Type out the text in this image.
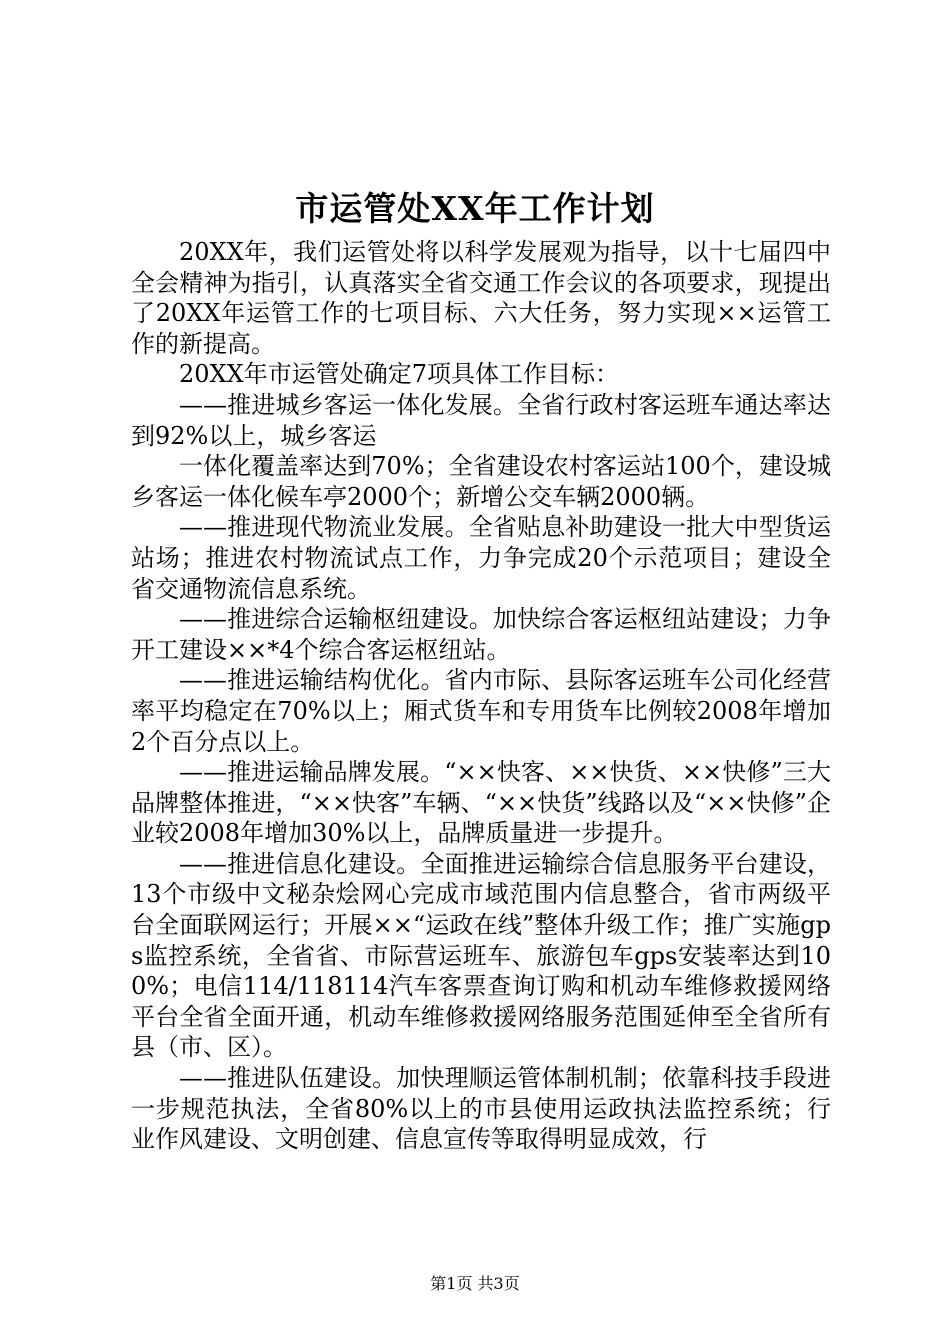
市运管处XX年工作计划

20XX年，我们运管处将以科学发展观为指导，以十七届四中全会精神为指引，认真落实全省交通工作会议的各项要求，现提出了20XX年运管工作的七项目标、六大任务，努力实现××运管工作的新提高。

20XX年市运管处确定7项具体工作目标：

——推进城乡客运一体化发展。全省行政村客运班车通达率达到92%以上，城乡客运

一体化覆盖率达到70%；全省建设农村客运站100个，建设城乡客运一体化候车亭2000个；新增公交车辆2000辆。

——推进现代物流业发展。全省贴息补助建设一批大中型货运站场；推进农村物流试点工作，力争完成20个示范项目；建设全省交通物流信息系统。

——推进综合运输枢纽建设。加快综合客运枢纽站建设；力争开工建设××*4个综合客运枢纽站。

——推进运输结构优化。省内市际、县际客运班车公司化经营率平均稳定在70%以上；厢式货车和专用货车比例较2008年增加2个百分点以上。

——推进运输品牌发展。“××快客、××快货、××快修”三大品牌整体推进，“××快客”车辆、“××快货”线路以及“××快修”企业较2008年增加30%以上，品牌质量进一步提升。

——推进信息化建设。全面推进运输综合信息服务平台建设，13个市级中文秘杂烩网心完成市域范围内信息整合，省市两级平台全面联网运行；开展××“运政在线”整体升级工作；推广实施gps监控系统，全省省、市际营运班车、旅游包车gps安装率达到100%；电信114/118114汽车客票查询订购和机动车维修救援网络平台全省全面开通，机动车维修救援网络服务范围延伸至全省所有县（市、区）。

——推进队伍建设。加快理顺运管体制机制；依靠科技手段进一步规范执法，全省80%以上的市县使用运政执法监控系统；行业作风建设、文明创建、信息宣传等取得明显成效，行

第1页 共3页
